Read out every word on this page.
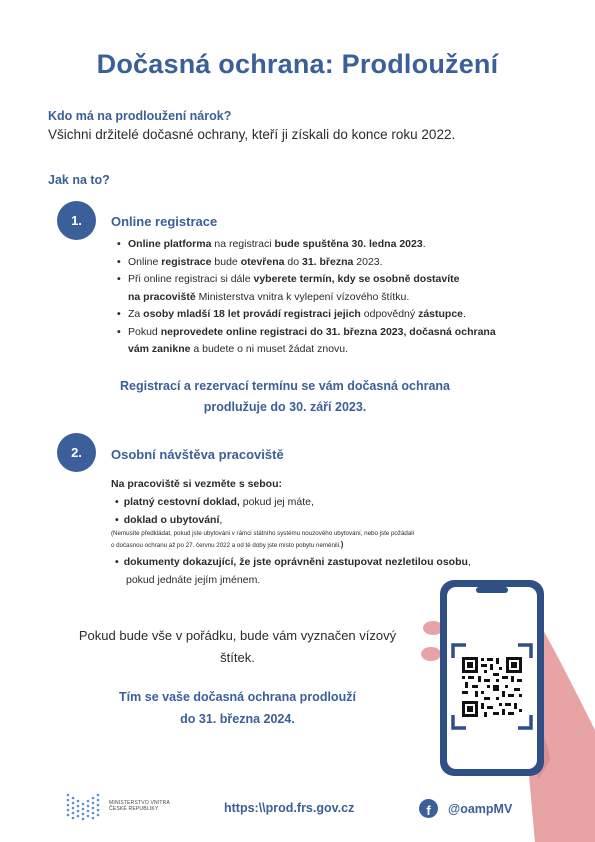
Dočasná ochrana: Prodloužení
Kdo má na prodloužení nárok?
Všichni držitelé dočasné ochrany, kteří ji získali do konce roku 2022.
Jak na to?
1.	Online registrace
• Online platforma na registraci bude spuštěna 30. ledna 2023.
• Online registrace bude otevřena do 31. března 2023.
• Při online registraci si dále vyberete termín, kdy se osobně dostavíte
na pracoviště Ministerstva vnitra k vylepení vízového štítku.
• Za osoby mladší 18 let provádí registraci jejich odpovědný zástupce.
• Pokud neprovedete online registraci do 31. března 2023, dočasná ochrana
vám zanikne a budete o ni muset žádat znovu.
Registrací a rezervací termínu se vám dočasná ochrana
prodlužuje do 30. září 2023.
2.	Osobní návštěva pracoviště
Na pracoviště si vezměte s sebou:
• platný cestovní doklad, pokud jej máte,
• doklad o ubytování,
(Nemusíte předkládat, pokud jste ubytováni v rámci státního systému nouzového ubytování, nebo jste požádali
o dočasnou ochranu až po 27. červnu 2022 a od té doby jste místo pobytu neměnili.)
• dokumenty dokazující, že jste oprávněni zastupovat nezletilou osobu,
pokud jednáte jejím jménem.
Pokud bude vše v pořádku, bude vám vyznačen vízový
štítek.
Tím se vaše dočasná ochrana prodlouží
do 31. března 2024.
MINISTERSTVO VNITRA
ČESKÉ REPUBLIKY	https:\\prod.frs.gov.cz	f	@oampMV
